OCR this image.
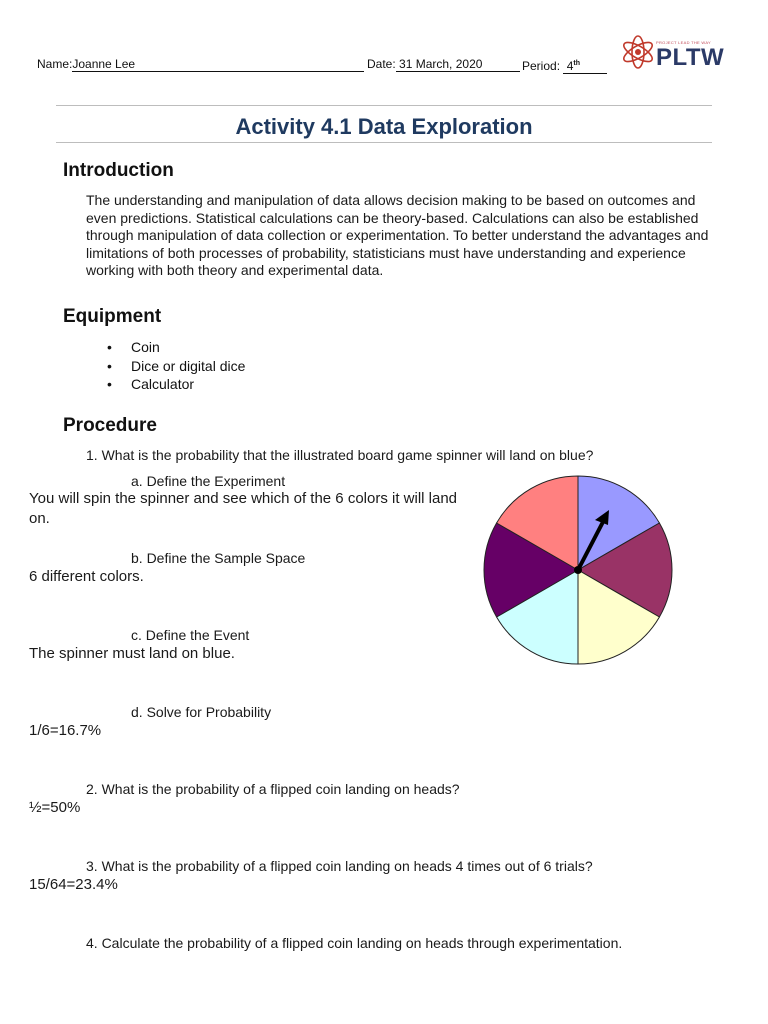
Name:Joanne Lee	Date: 31 March, 2020	Period: 4th
PROJECT LEAD THE WAY
PLTW
Activity 4.1 Data Exploration
Introduction
The understanding and manipulation of data allows decision making to be based on outcomes and even predictions. Statistical calculations can be theory-based. Calculations can also be established through manipulation of data collection or experimentation. To better understand the advantages and limitations of both processes of probability, statisticians must have understanding and experience working with both theory and experimental data.
Equipment
• Coin
• Dice or digital dice
• Calculator
Procedure
1. What is the probability that the illustrated board game spinner will land on blue?
a. Define the Experiment
You will spin the spinner and see which of the 6 colors it will land on.
b. Define the Sample Space
6 different colors.
c. Define the Event
The spinner must land on blue.
d. Solve for Probability
1/6=16.7%
2. What is the probability of a flipped coin landing on heads?
½=50%
3. What is the probability of a flipped coin landing on heads 4 times out of 6 trials?
15/64=23.4%
4. Calculate the probability of a flipped coin landing on heads through experimentation.
